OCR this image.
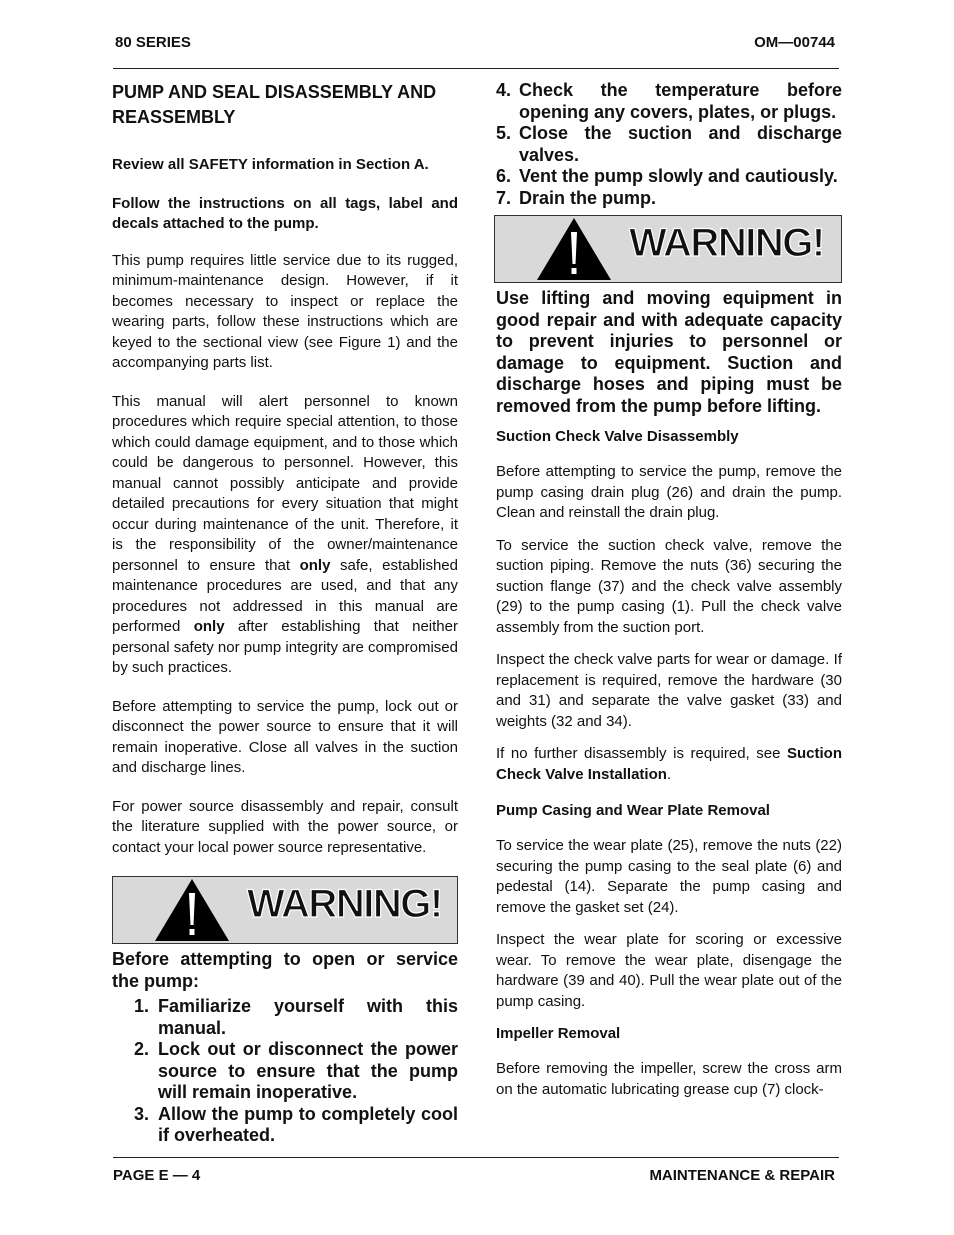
80 SERIES	OM—00744
PUMP AND SEAL DISASSEMBLY AND REASSEMBLY

Review all SAFETY information in Section A.

Follow the instructions on all tags, label and decals attached to the pump.

This pump requires little service due to its rugged, minimum-maintenance design. However, if it becomes necessary to inspect or replace the wearing parts, follow these instructions which are keyed to the sectional view (see Figure 1) and the accompanying parts list.

This manual will alert personnel to known procedures which require special attention, to those which could damage equipment, and to those which could be dangerous to personnel. However, this manual cannot possibly anticipate and provide detailed precautions for every situation that might occur during maintenance of the unit. Therefore, it is the responsibility of the owner/maintenance personnel to ensure that only safe, established maintenance procedures are used, and that any procedures not addressed in this manual are performed only after establishing that neither personal safety nor pump integrity are compromised by such practices.

Before attempting to service the pump, lock out or disconnect the power source to ensure that it will remain inoperative. Close all valves in the suction and discharge lines.

For power source disassembly and repair, consult the literature supplied with the power source, or contact your local power source representative.

WARNING!

Before attempting to open or service the pump:

1. Familiarize yourself with this manual.
2. Lock out or disconnect the power source to ensure that the pump will remain inoperative.
3. Allow the pump to completely cool if overheated.
4. Check the temperature before opening any covers, plates, or plugs.
5. Close the suction and discharge valves.
6. Vent the pump slowly and cautiously.
7. Drain the pump.
WARNING!

Use lifting and moving equipment in good repair and with adequate capacity to prevent injuries to personnel or damage to equipment. Suction and discharge hoses and piping must be removed from the pump before lifting.

Suction Check Valve Disassembly

Before attempting to service the pump, remove the pump casing drain plug (26) and drain the pump. Clean and reinstall the drain plug.

To service the suction check valve, remove the suction piping. Remove the nuts (36) securing the suction flange (37) and the check valve assembly (29) to the pump casing (1). Pull the check valve assembly from the suction port.

Inspect the check valve parts for wear or damage. If replacement is required, remove the hardware (30 and 31) and separate the valve gasket (33) and weights (32 and 34).

If no further disassembly is required, see Suction Check Valve Installation.

Pump Casing and Wear Plate Removal

To service the wear plate (25), remove the nuts (22) securing the pump casing to the seal plate (6) and pedestal (14). Separate the pump casing and remove the gasket set (24).

Inspect the wear plate for scoring or excessive wear. To remove the wear plate, disengage the hardware (39 and 40). Pull the wear plate out of the pump casing.

Impeller Removal

Before removing the impeller, screw the cross arm on the automatic lubricating grease cup (7) clock-

PAGE E — 4	MAINTENANCE & REPAIR
